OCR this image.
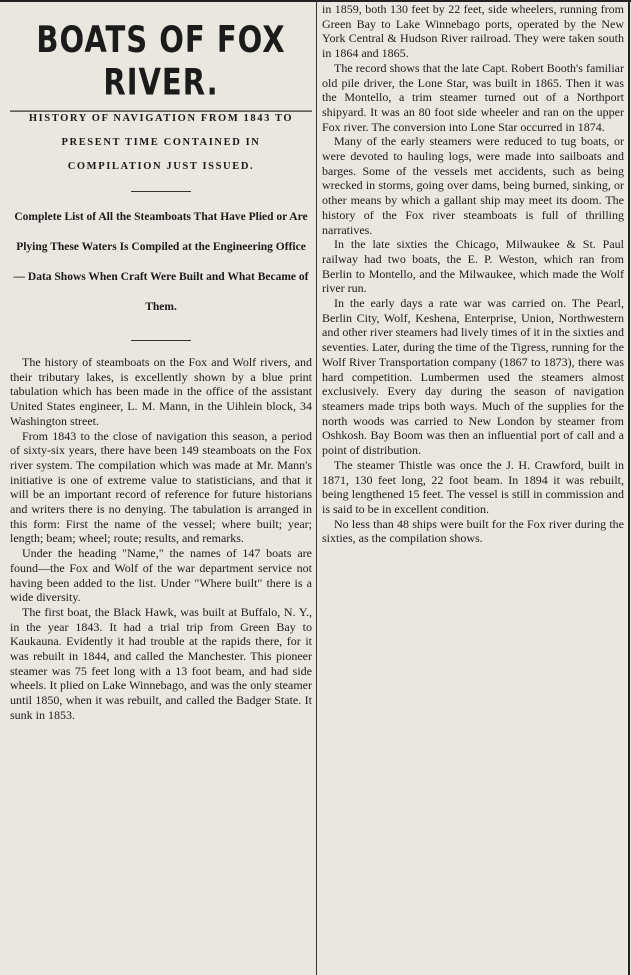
BOATS OF FOX RIVER.
HISTORY OF NAVIGATION FROM 1843 TO PRESENT TIME CONTAINED IN COMPILATION JUST ISSUED.
Complete List of All the Steamboats That Have Plied or Are Plying These Waters Is Compiled at the Engineering Office — Data Shows When Craft Were Built and What Became of Them.

The history of steamboats on the Fox and Wolf rivers, and their tributary lakes, is excellently shown by a blue print tabulation which has been made in the office of the assistant United States engineer, L. M. Mann, in the Uihlein block, 34 Washington street.

From 1843 to the close of navigation this season, a period of sixty-six years, there have been 149 steamboats on the Fox river system. The compilation which was made at Mr. Mann's initiative is one of extreme value to statisticians, and that it will be an important record of reference for future historians and writers there is no denying. The tabulation is arranged in this form: First the name of the vessel; where built; year; length; beam; wheel; route; results, and remarks.

Under the heading "Name," the names of 147 boats are found—the Fox and Wolf of the war department service not having been added to the list. Under "Where built" there is a wide diversity.

The first boat, the Black Hawk, was built at Buffalo, N. Y., in the year 1843. It had a trial trip from Green Bay to Kaukauna. Evidently it had trouble at the rapids there, for it was rebuilt in 1844, and called the Manchester. This pioneer steamer was 75 feet long with a 13 foot beam, and had side wheels. It plied on Lake Winnebago, and was the only steamer until 1850, when it was rebuilt, and called the Badger State. It sunk in 1853.

in 1859, both 130 feet by 22 feet, side wheelers, running from Green Bay to Lake Winnebago ports, operated by the New York Central & Hudson River railroad. They were taken south in 1864 and 1865.

The record shows that the late Capt. Robert Booth's familiar old pile driver, the Lone Star, was built in 1865. Then it was the Montello, a trim steamer turned out of a Northport shipyard. It was an 80 foot side wheeler and ran on the upper Fox river. The conversion into Lone Star occurred in 1874.

Many of the early steamers were reduced to tug boats, or were devoted to hauling logs, were made into sailboats and barges. Some of the vessels met accidents, such as being wrecked in storms, going over dams, being burned, sinking, or other means by which a gallant ship may meet its doom. The history of the Fox river steamboats is full of thrilling narratives.

In the late sixties the Chicago, Milwaukee & St. Paul railway had two boats, the E. P. Weston, which ran from Berlin to Montello, and the Milwaukee, which made the Wolf river run.

In the early days a rate war was carried on. The Pearl, Berlin City, Wolf, Keshena, Enterprise, Union, Northwestern and other river steamers had lively times of it in the sixties and seventies. Later, during the time of the Tigress, running for the Wolf River Transportation company (1867 to 1873), there was hard competition. Lumbermen used the steamers almost exclusively. Every day during the season of navigation steamers made trips both ways. Much of the supplies for the north woods was carried to New London by steamer from Oshkosh. Bay Boom was then an influential port of call and a point of distribution.

The steamer Thistle was once the J. H. Crawford, built in 1871, 130 feet long, 22 foot beam. In 1894 it was rebuilt, being lengthened 15 feet. The vessel is still in commission and is said to be in excellent condition.

No less than 48 ships were built for the Fox river during the sixties, as the compilation shows.
